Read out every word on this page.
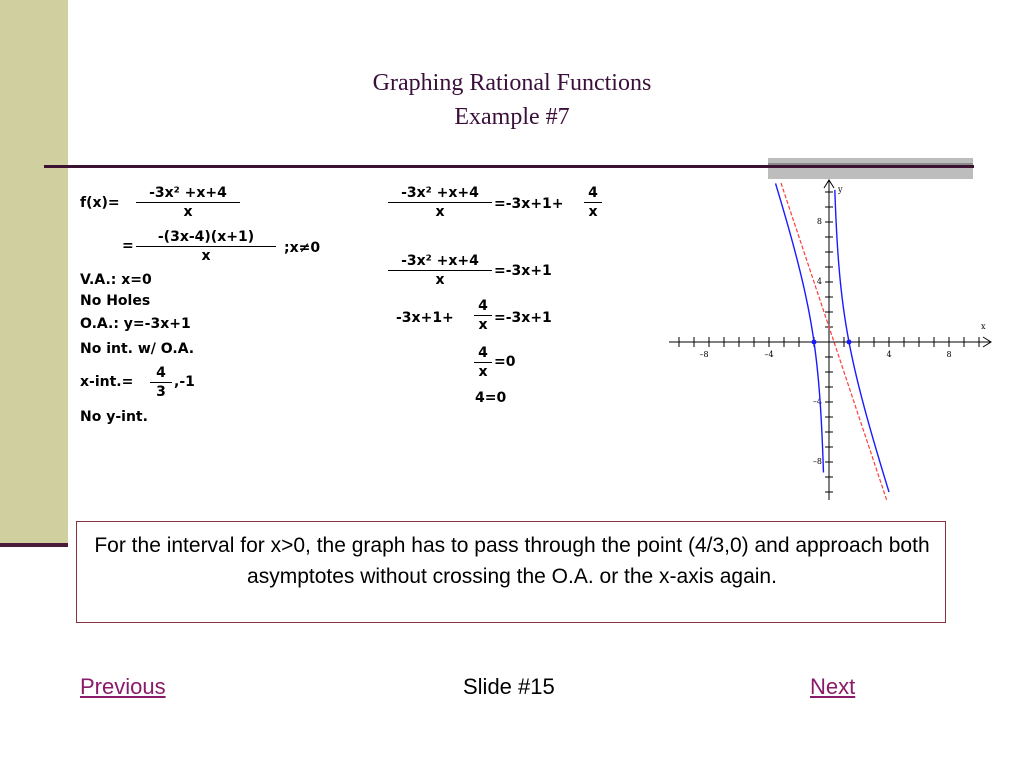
Graphing Rational Functions
Example #7
$f(x)= \frac{\text{-3x² +x+4}}{x}$
= $\frac{-(3x-4)(x+1)}{x}$ ;x≠0
V.A.: x=0
No Holes
O.A.: y=-3x+1
No int. w/ O.A.
$x-int.= \frac{4}{3} ,-1$
No y-int.
$\frac{\text{-3x² +x+4}}{x} =-3x+1+ \frac{4}{x}$
$\frac{\text{-3x² +x+4}}{x} =-3x+1$
$-3x+1+ \frac{4}{x} =-3x+1$
$\frac{4}{x} =0$
4=0
x
y
–8	–4	4	8
8
4
–4
–8
For the interval for x>0, the graph has to pass through the point (4/3,0) and approach both asymptotes without crossing the O.A. or the x-axis again.
Previous	Slide #15	Next
